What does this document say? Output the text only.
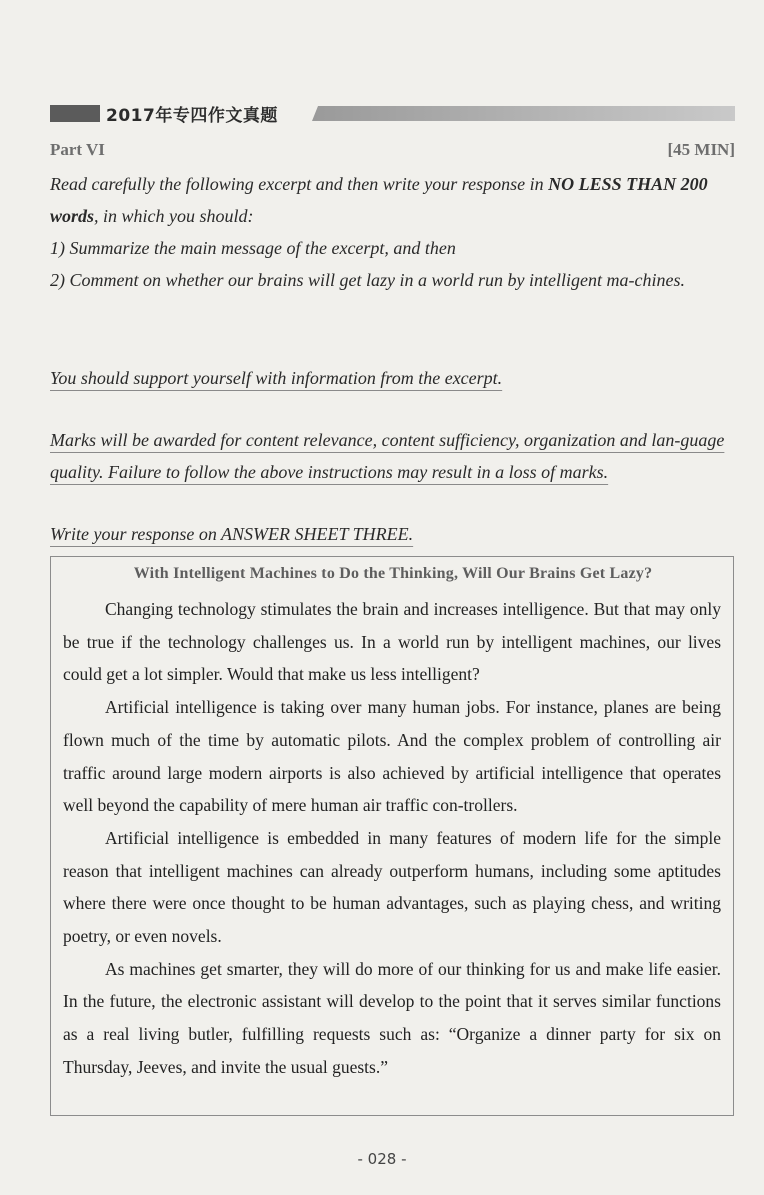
2017年专四作文真题
Part VI	[45 MIN]
Read carefully the following excerpt and then write your response in NO LESS THAN 200 words, in which you should:
1) Summarize the main message of the excerpt, and then
2) Comment on whether our brains will get lazy in a world run by intelligent ma-chines.
You should support yourself with information from the excerpt.
Marks will be awarded for content relevance, content sufficiency, organization and lan-guage quality. Failure to follow the above instructions may result in a loss of marks.
Write your response on ANSWER SHEET THREE.
With Intelligent Machines to Do the Thinking, Will Our Brains Get Lazy?

Changing technology stimulates the brain and increases intelligence. But that may only be true if the technology challenges us. In a world run by intelligent machines, our lives could get a lot simpler. Would that make us less intelligent?

Artificial intelligence is taking over many human jobs. For instance, planes are being flown much of the time by automatic pilots. And the complex problem of controlling air traffic around large modern airports is also achieved by artificial intelligence that operates well beyond the capability of mere human air traffic con-trollers.

Artificial intelligence is embedded in many features of modern life for the simple reason that intelligent machines can already outperform humans, including some aptitudes where there were once thought to be human advantages, such as playing chess, and writing poetry, or even novels.

As machines get smarter, they will do more of our thinking for us and make life easier. In the future, the electronic assistant will develop to the point that it serves similar functions as a real living butler, fulfilling requests such as: “Organize a dinner party for six on Thursday, Jeeves, and invite the usual guests.”

- 028 -
